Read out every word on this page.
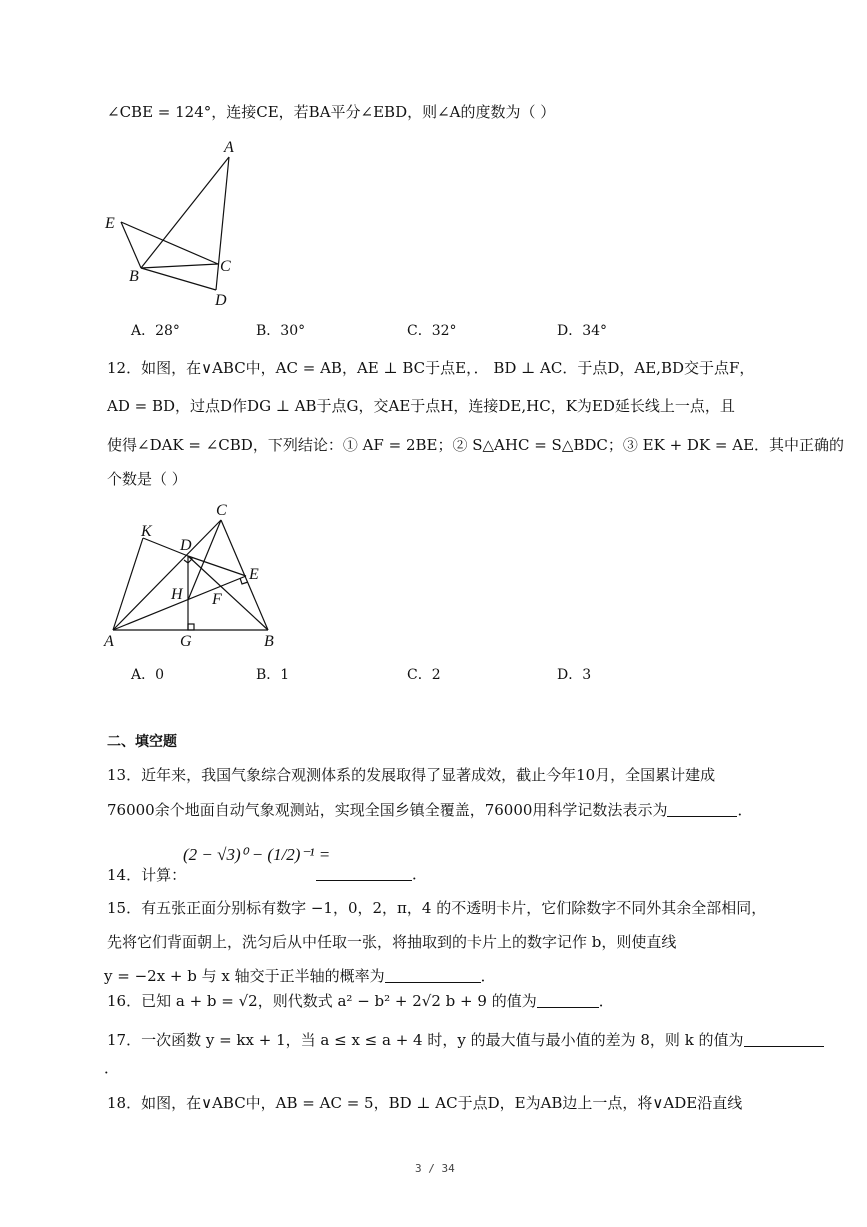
∠CBE = 124°，连接CE，若BA平分∠EBD，则∠A的度数为（ ）
A
E
C
B
D
A．28°	B．30°	C．32°	D．34°
12．如图，在∨ABC中，AC = AB，AE ⊥ BC于点E，． BD ⊥ AC．于点D，AE,BD交于点F，
AD = BD，过点D作DG ⊥ AB于点G，交AE于点H，连接DE,HC，K为ED延长线上一点，且
使得∠DAK = ∠CBD，下列结论：① AF = 2BE；② S△AHC = S△BDC；③ EK + DK = AE．其中正确的
个数是（ ）
C
K
D
E
H F
A	G	B
A．0	B．1	C．2	D．3
二、填空题
13．近年来，我国气象综合观测体系的发展取得了显著成效，截止今年10月，全国累计建成
76000余个地面自动气象观测站，实现全国乡镇全覆盖，76000用科学记数法表示为	．
14．计算：
(2 − √3)⁰ − (1/2)⁻¹ =
．
15．有五张正面分别标有数字 −1，0，2，π，4 的不透明卡片，它们除数字不同外其余全部相同，
先将它们背面朝上，洗匀后从中任取一张，将抽取到的卡片上的数字记作 b，则使直线
y = −2x + b 与 x 轴交于正半轴的概率为	．
16．已知 a + b = √2，则代数式 a² − b² + 2√2 b + 9 的值为	．
17．一次函数 y = kx + 1，当 a ≤ x ≤ a + 4 时，y 的最大值与最小值的差为 8，则 k 的值为
．
18．如图，在∨ABC中，AB = AC = 5，BD ⊥ AC于点D，E为AB边上一点，将∨ADE沿直线
3 / 34
